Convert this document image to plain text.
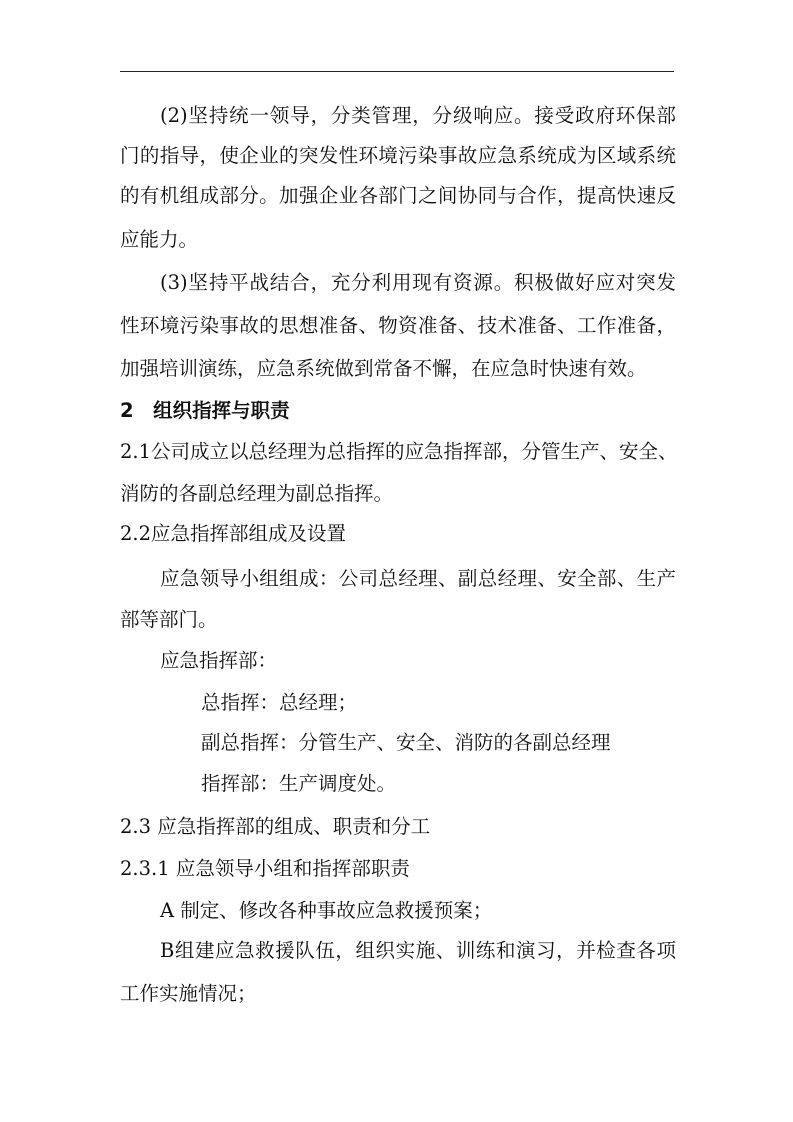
(2)坚持统一领导，分类管理，分级响应。接受政府环保部
门的指导，使企业的突发性环境污染事故应急系统成为区域系统
的有机组成部分。加强企业各部门之间协同与合作，提高快速反
应能力。
(3)坚持平战结合，充分利用现有资源。积极做好应对突发
性环境污染事故的思想准备、物资准备、技术准备、工作准备，
加强培训演练，应急系统做到常备不懈，在应急时快速有效。
2　组织指挥与职责
2.1公司成立以总经理为总指挥的应急指挥部，分管生产、安全、
消防的各副总经理为副总指挥。
2.2应急指挥部组成及设置
应急领导小组组成：公司总经理、副总经理、安全部、生产
部等部门。
应急指挥部：
总指挥：总经理；
副总指挥：分管生产、安全、消防的各副总经理
指挥部：生产调度处。
2.3 应急指挥部的组成、职责和分工
2.3.1 应急领导小组和指挥部职责
A 制定、修改各种事故应急救援预案；
B组建应急救援队伍，组织实施、训练和演习，并检查各项
工作实施情况；
